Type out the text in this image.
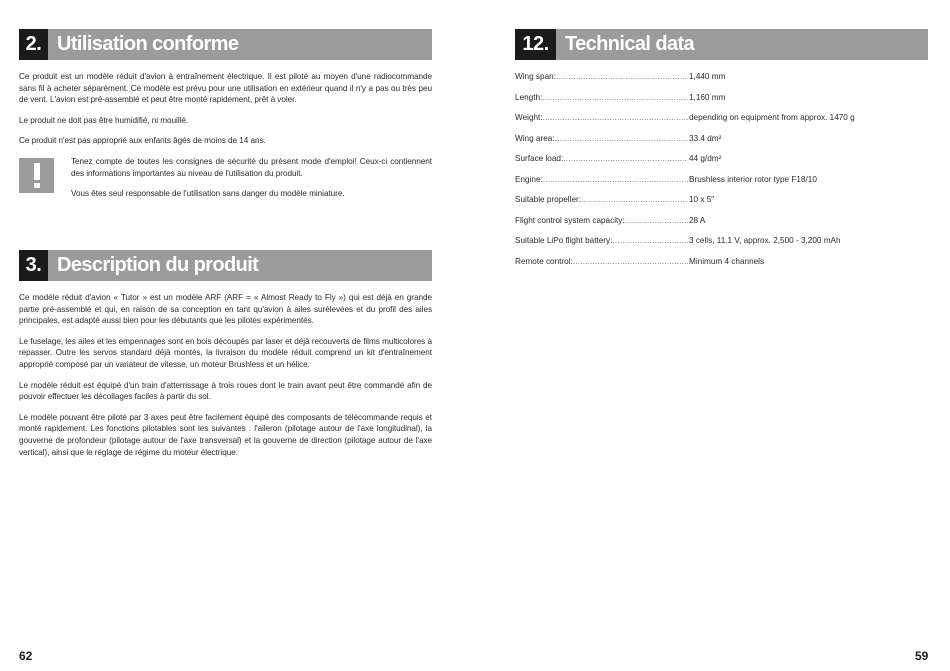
2. Utilisation conforme

Ce produit est un modèle réduit d'avion à entraînement électrique. Il est piloté au moyen d'une radiocommande sans fil à acheter séparément. Ce modèle est prévu pour une utilisation en extérieur quand il n'y a pas ou très peu de vent. L'avion est pré-assemblé et peut être monté rapidement, prêt à voler.

Le produit ne doit pas être humidifié, ni mouillé.

Ce produit n'est pas approprié aux enfants âgés de moins de 14 ans.

Tenez compte de toutes les consignes de sécurité du présent mode d'emploi! Ceux-ci contiennent des informations importantes au niveau de l'utilisation du produit.

Vous êtes seul responsable de l'utilisation sans danger du modèle miniature.

3. Description du produit

Ce modèle réduit d'avion « Tutor » est un modèle ARF (ARF = « Almost Ready to Fly ») qui est déjà en grande partie pré-assemblé et qui, en raison de sa conception en tant qu'avion à ailes surélevées et du profil des ailes principales, est adapté aussi bien pour les débutants que les pilotes expérimentés.

Le fuselage, les ailes et les empennages sont en bois découpés par laser et déjà recouverts de films multicolores à repasser. Outre les servos standard déjà montés, la livraison du modèle réduit comprend un kit d'entraînement approprié composé par un variateur de vitesse, un moteur Brushless et un hélice.

Le modèle réduit est équipé d'un train d'atterrissage à trois roues dont le train avant peut être commandé afin de pouvoir effectuer les décollages faciles à partir du sol.

Le modèle pouvant être piloté par 3 axes peut être facilement équipé des composants de télécommande requis et monté rapidement. Les fonctions pilotables sont les suivantes : l'aileron (pilotage autour de l'axe longitudinal), la gouverne de profondeur (pilotage autour de l'axe transversal) et la gouverne de direction (pilotage autour de l'axe vertical), ainsi que le réglage de régime du moteur électrique.

62
12. Technical data
Wing span: .....	1,440 mm
Length: .....	1,160 mm
Weight: .....	depending on equipment from approx. 1470 g
Wing area: .....	33.4 dm²
Surface load: .....	44 g/dm²
Engine: .....	Brushless interior rotor type F18/10
Suitable propeller: .....	10 x 5"
Flight control system capacity: .....	28 A
Suitable LiPo flight battery: .....	3 cells, 11.1 V, approx. 2,500 - 3,200 mAh
Remote control: .....	Minimum 4 channels
59
